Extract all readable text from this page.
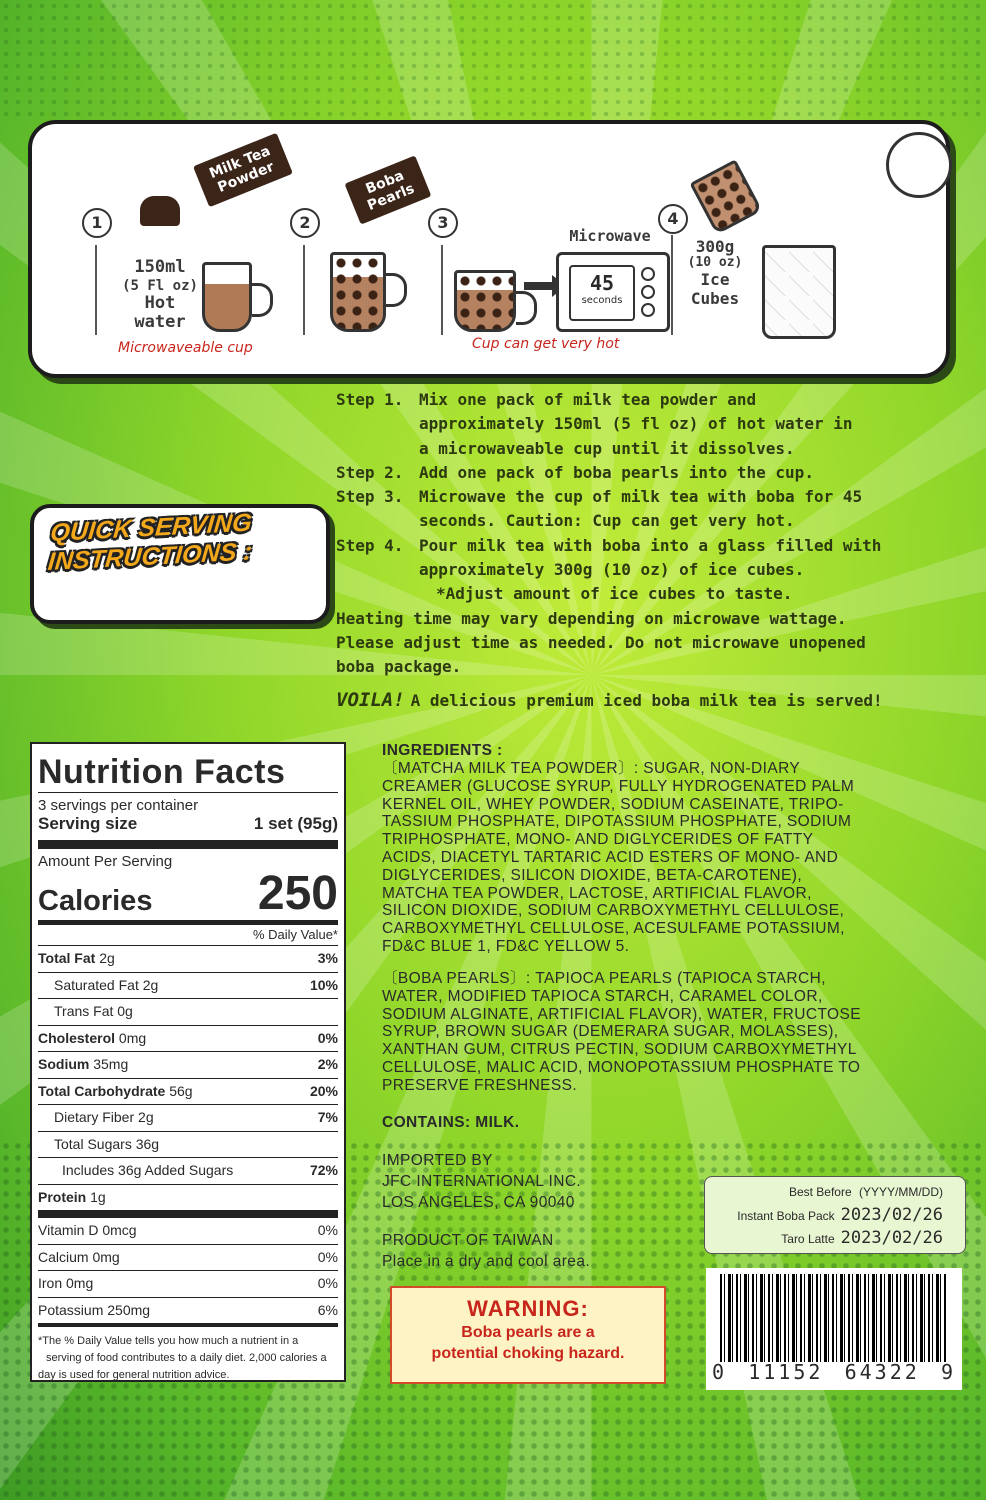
1	2	3	4
Milk Tea Powder	Boba Pearls
150ml
(5 Fl oz)
Hot water
Microwaveable cup
Microwave
45
seconds
Cup can get very hot
300g
(10 oz)
Ice Cubes
QUICK SERVING INSTRUCTIONS :
Step 1. Mix one pack of milk tea powder and
approximately 150ml (5 fl oz) of hot water in
a microwaveable cup until it dissolves.
Step 2. Add one pack of boba pearls into the cup.
Step 3. Microwave the cup of milk tea with boba for 45
seconds. Caution: Cup can get very hot.
Step 4. Pour milk tea with boba into a glass filled with
approximately 300g (10 oz) of ice cubes.
*Adjust amount of ice cubes to taste.
Heating time may vary depending on microwave wattage.
Please adjust time as needed. Do not microwave unopened
boba package.
VOILA! A delicious premium iced boba milk tea is served!
Nutrition Facts
3 servings per container
Serving size	1 set (95g)
Amount Per Serving
Calories 250
% Daily Value*
Total Fat 2g	3%
Saturated Fat 2g	10%
Trans Fat 0g
Cholesterol 0mg	0%
Sodium 35mg	2%
Total Carbohydrate 56g	20%
Dietary Fiber 2g	7%
Total Sugars 36g
Includes 36g Added Sugars	72%
Protein 1g
Vitamin D 0mcg	0%
Calcium 0mg	0%
Iron 0mg	0%
Potassium 250mg	6%
*The % Daily Value tells you how much a nutrient in a
serving of food contributes to a daily diet. 2,000 calories a
day is used for general nutrition advice.
INGREDIENTS :
〔MATCHA MILK TEA POWDER〕: SUGAR, NON-DIARY
CREAMER (GLUCOSE SYRUP, FULLY HYDROGENATED PALM
KERNEL OIL, WHEY POWDER, SODIUM CASEINATE, TRIPO-
TASSIUM PHOSPHATE, DIPOTASSIUM PHOSPHATE, SODIUM
TRIPHOSPHATE, MONO- AND DIGLYCERIDES OF FATTY
ACIDS, DIACETYL TARTARIC ACID ESTERS OF MONO- AND
DIGLYCERIDES, SILICON DIOXIDE, BETA-CAROTENE),
MATCHA TEA POWDER, LACTOSE, ARTIFICIAL FLAVOR,
SILICON DIOXIDE, SODIUM CARBOXYMETHYL CELLULOSE,
CARBOXYMETHYL CELLULOSE, ACESULFAME POTASSIUM,
FD&C BLUE 1, FD&C YELLOW 5.
〔BOBA PEARLS〕: TAPIOCA PEARLS (TAPIOCA STARCH,
WATER, MODIFIED TAPIOCA STARCH, CARAMEL COLOR,
SODIUM ALGINATE, ARTIFICIAL FLAVOR), WATER, FRUCTOSE
SYRUP, BROWN SUGAR (DEMERARA SUGAR, MOLASSES),
XANTHAN GUM, CITRUS PECTIN, SODIUM CARBOXYMETHYL
CELLULOSE, MALIC ACID, MONOPOTASSIUM PHOSPHATE TO
PRESERVE FRESHNESS.
CONTAINS: MILK.
IMPORTED BY
JFC INTERNATIONAL INC.
LOS ANGELES, CA 90040
PRODUCT OF TAIWAN
Place in a dry and cool area.
Best Before (YYYY/MM/DD)
Instant Boba Pack 2023/02/26
Taro Latte 2023/02/26
0 11152 64322 9
WARNING:
Boba pearls are a
potential choking hazard.
